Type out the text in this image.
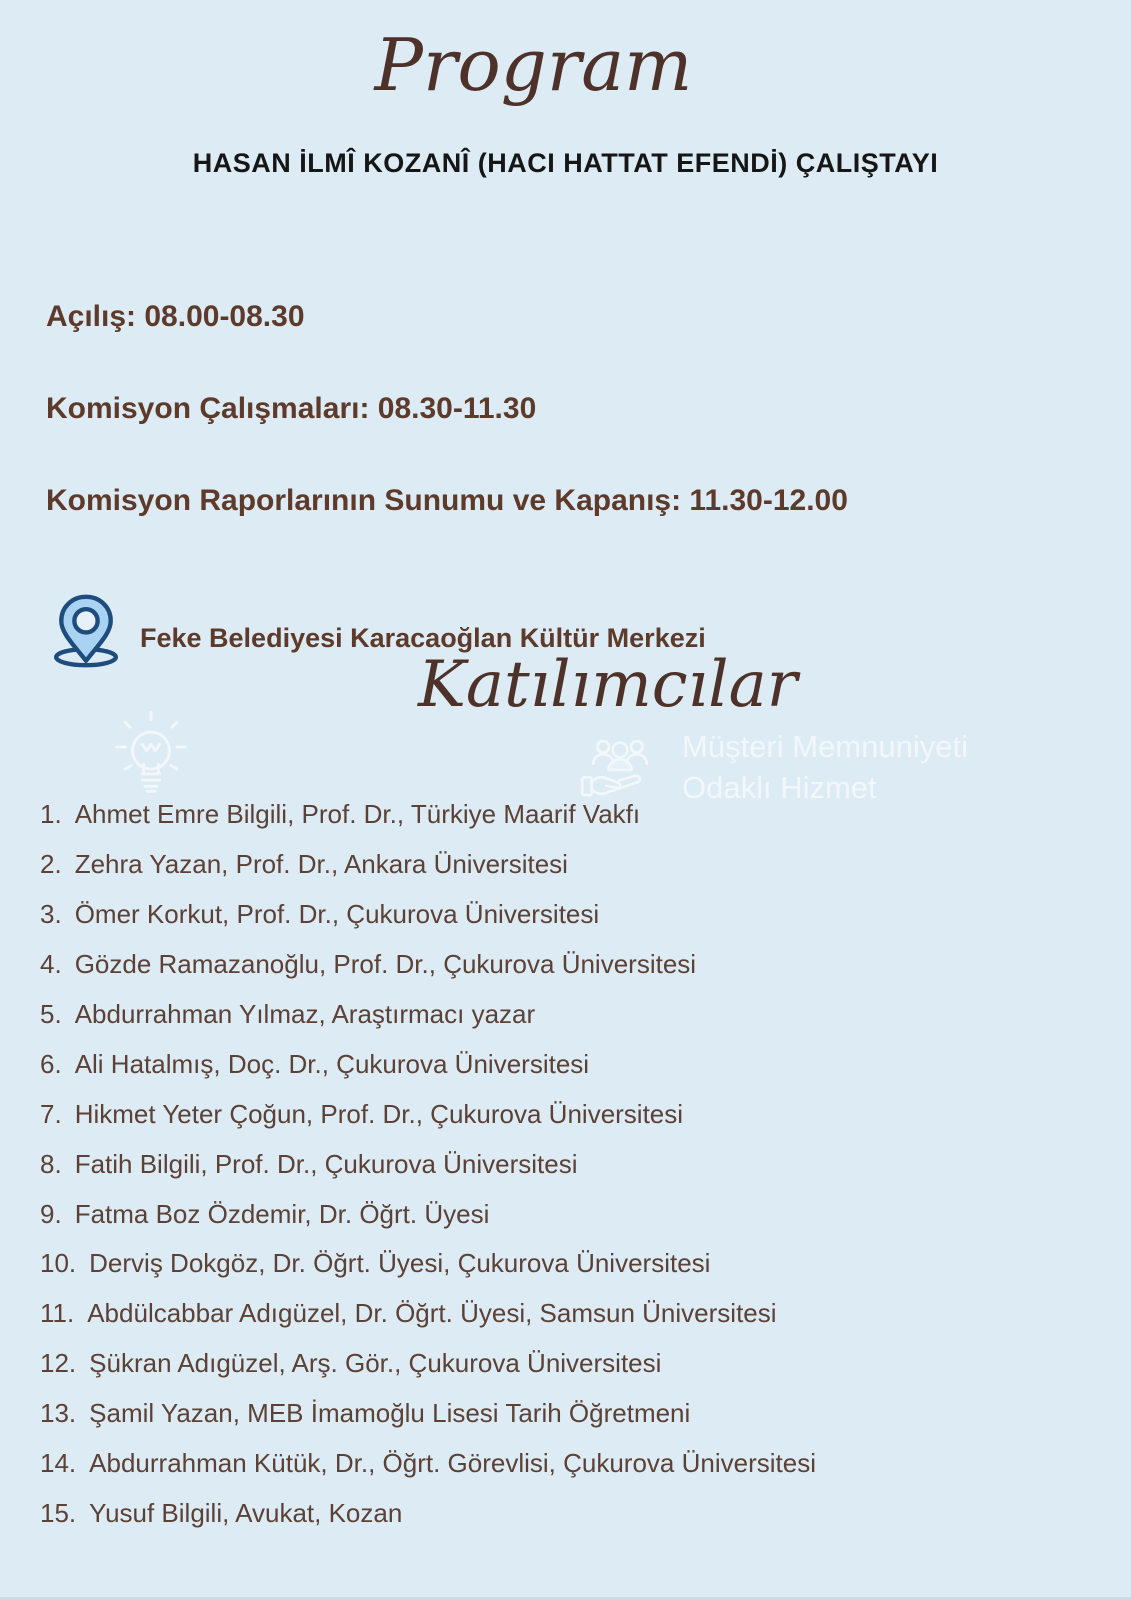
Program
HASAN İLMÎ KOZANÎ (HACI HATTAT EFENDİ) ÇALIŞTAYI
Açılış: 08.00-08.30
Komisyon Çalışmaları: 08.30-11.30
Komisyon Raporlarının Sunumu ve Kapanış: 11.30-12.00
Feke Belediyesi Karacaoğlan Kültür Merkezi
Müşteri Memnuniyeti
Odaklı Hizmet
Katılımcılar
1. Ahmet Emre Bilgili, Prof. Dr., Türkiye Maarif Vakfı
2. Zehra Yazan, Prof. Dr., Ankara Üniversitesi
3. Ömer Korkut, Prof. Dr., Çukurova Üniversitesi
4. Gözde Ramazanoğlu, Prof. Dr., Çukurova Üniversitesi
5. Abdurrahman Yılmaz, Araştırmacı yazar
6. Ali Hatalmış, Doç. Dr., Çukurova Üniversitesi
7. Hikmet Yeter Çoğun, Prof. Dr., Çukurova Üniversitesi
8. Fatih Bilgili, Prof. Dr., Çukurova Üniversitesi
9. Fatma Boz Özdemir, Dr. Öğrt. Üyesi
10. Derviş Dokgöz, Dr. Öğrt. Üyesi, Çukurova Üniversitesi
11. Abdülcabbar Adıgüzel, Dr. Öğrt. Üyesi, Samsun Üniversitesi
12. Şükran Adıgüzel, Arş. Gör., Çukurova Üniversitesi
13. Şamil Yazan, MEB İmamoğlu Lisesi Tarih Öğretmeni
14. Abdurrahman Kütük, Dr., Öğrt. Görevlisi, Çukurova Üniversitesi
15. Yusuf Bilgili, Avukat, Kozan
